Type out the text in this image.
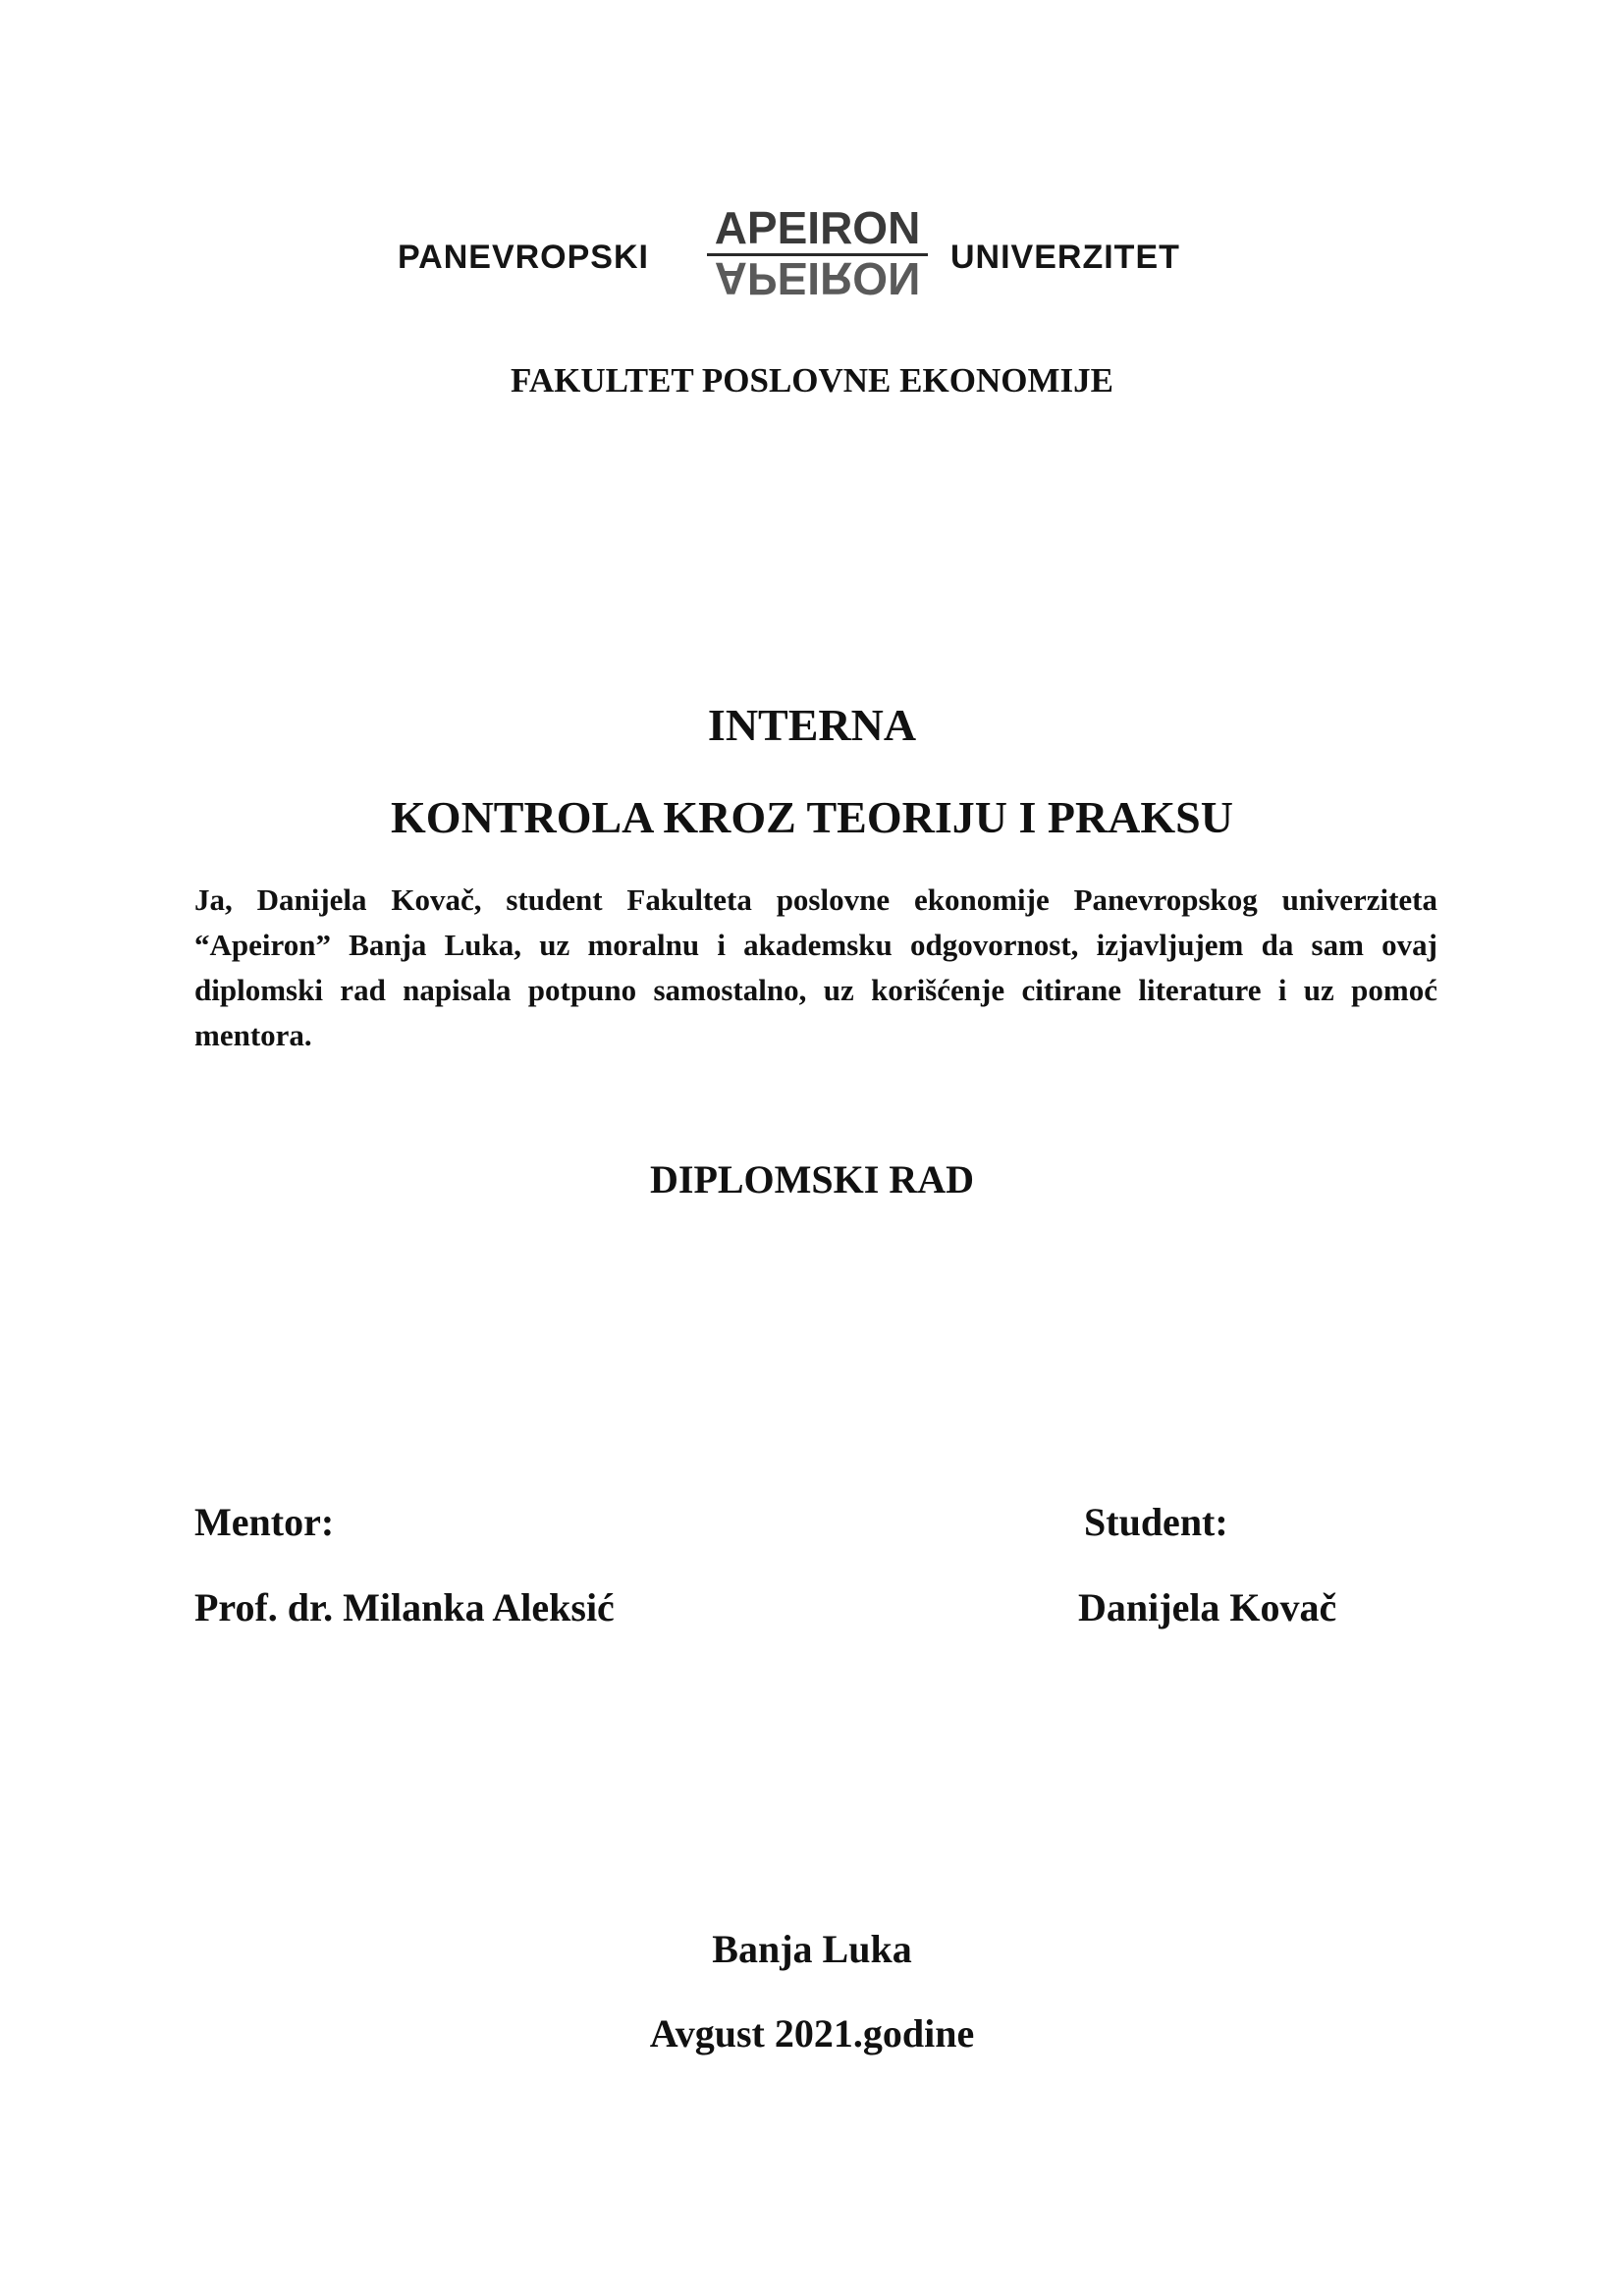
PANEVROPSKI
APEIRON
APEIRON UNIVERZITET
FAKULTET POSLOVNE EKONOMIJE
INTERNA
KONTROLA KROZ TEORIJU I PRAKSU
Ja, Danijela Kovač, student Fakulteta poslovne ekonomije Panevropskog univerziteta “Apeiron” Banja Luka, uz moralnu i akademsku odgovornost, izjavljujem da sam ovaj diplomski rad napisala potpuno samostalno, uz korišćenje citirane literature i uz pomoć mentora.
DIPLOMSKI RAD
Mentor:	Student:
Prof. dr. Milanka Aleksić	Danijela Kovač
Banja Luka
Avgust 2021.godine
